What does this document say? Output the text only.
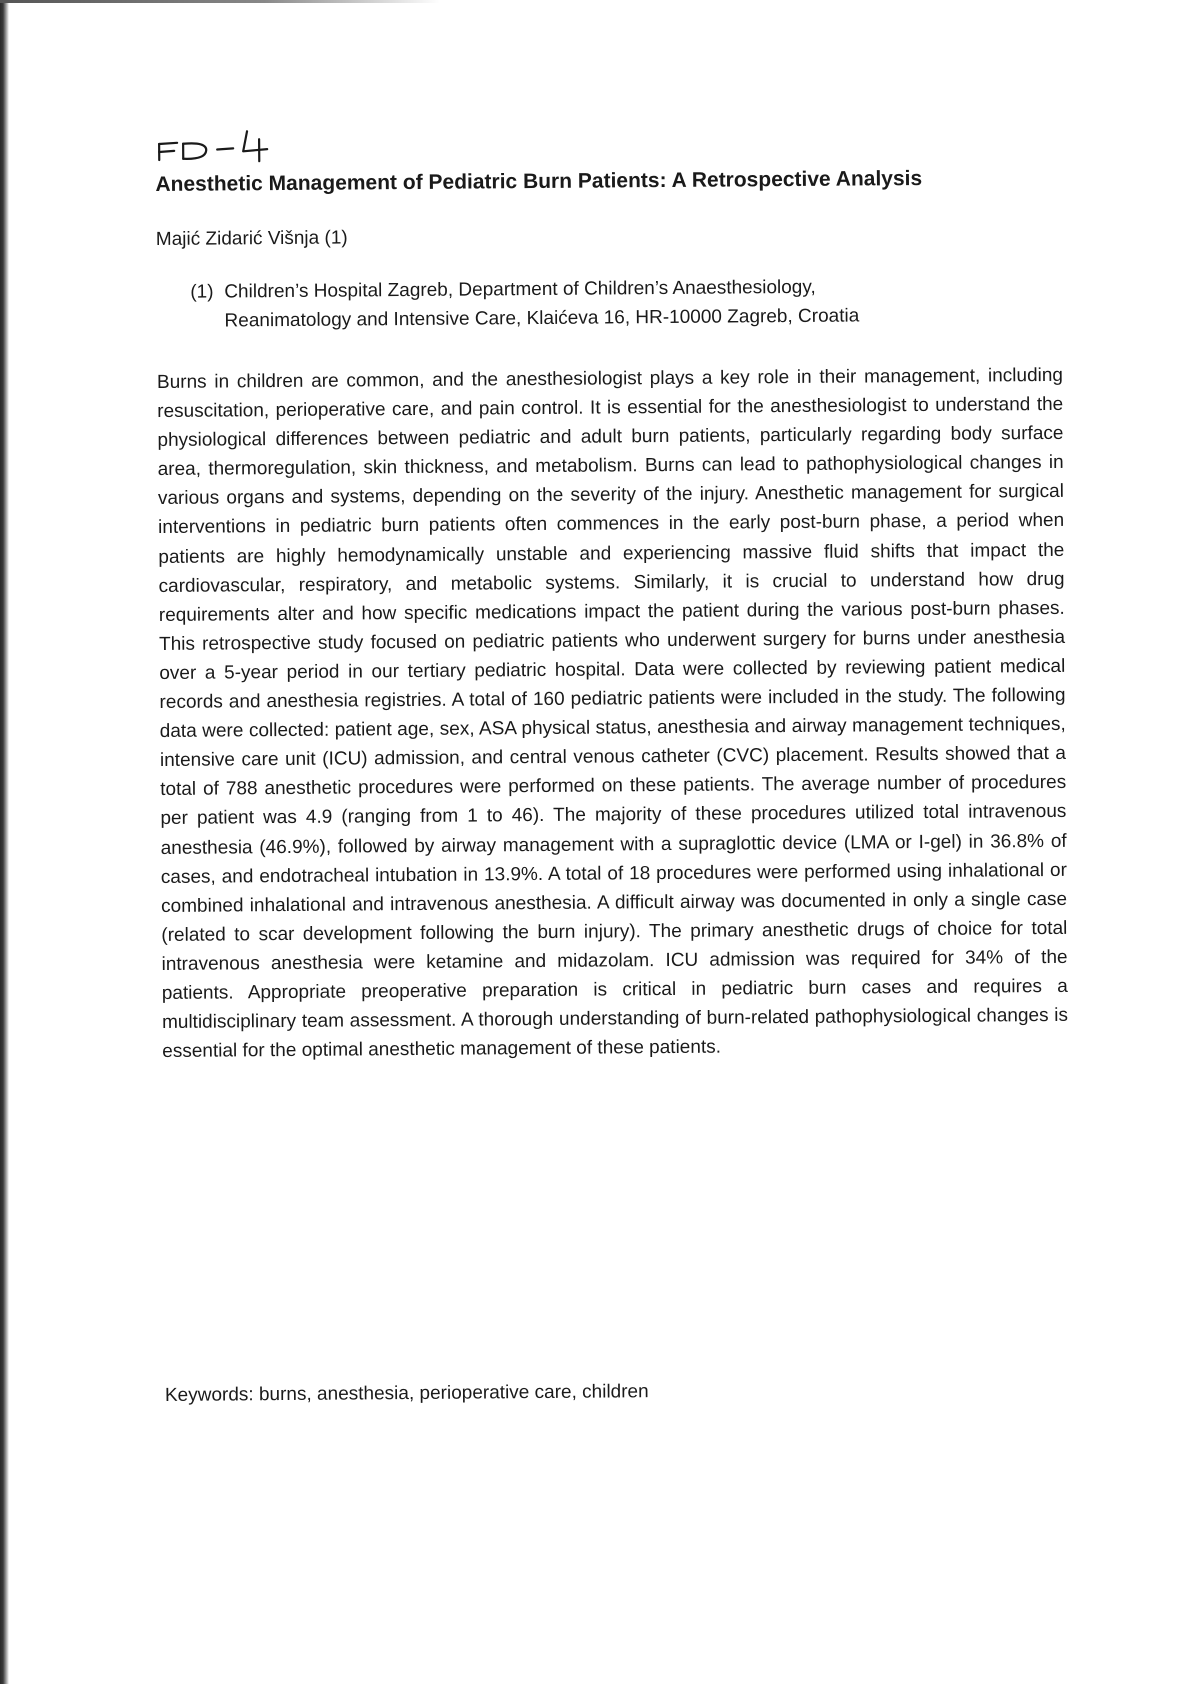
Anesthetic Management of Pediatric Burn Patients: A Retrospective Analysis

Majić Zidarić Višnja (1)

(1) Children’s Hospital Zagreb, Department of Children’s Anaesthesiology,
Reanimatology and Intensive Care, Klaićeva 16, HR-10000 Zagreb, Croatia

Burns in children are common, and the anesthesiologist plays a key role in their management, including resuscitation, perioperative care, and pain control. It is essential for the anesthesiologist to understand the physiological differences between pediatric and adult burn patients, particularly regarding body surface area, thermoregulation, skin thickness, and metabolism. Burns can lead to pathophysiological changes in various organs and systems, depending on the severity of the injury. Anesthetic management for surgical interventions in pediatric burn patients often commences in the early post-burn phase, a period when patients are highly hemodynamically unstable and experiencing massive fluid shifts that impact the cardiovascular, respiratory, and metabolic systems. Similarly, it is crucial to understand how drug requirements alter and how specific medications impact the patient during the various post-burn phases. This retrospective study focused on pediatric patients who underwent surgery for burns under anesthesia over a 5-year period in our tertiary pediatric hospital. Data were collected by reviewing patient medical records and anesthesia registries. A total of 160 pediatric patients were included in the study. The following data were collected: patient age, sex, ASA physical status, anesthesia and airway management techniques, intensive care unit (ICU) admission, and central venous catheter (CVC) placement. Results showed that a total of 788 anesthetic procedures were performed on these patients. The average number of procedures per patient was 4.9 (ranging from 1 to 46). The majority of these procedures utilized total intravenous anesthesia (46.9%), followed by airway management with a supraglottic device (LMA or I-gel) in 36.8% of cases, and endotracheal intubation in 13.9%. A total of 18 procedures were performed using inhalational or combined inhalational and intravenous anesthesia. A difficult airway was documented in only a single case (related to scar development following the burn injury). The primary anesthetic drugs of choice for total intravenous anesthesia were ketamine and midazolam. ICU admission was required for 34% of the patients. Appropriate preoperative preparation is critical in pediatric burn cases and requires a multidisciplinary team assessment. A thorough understanding of burn-related pathophysiological changes is essential for the optimal anesthetic management of these patients.

Keywords: burns, anesthesia, perioperative care, children
